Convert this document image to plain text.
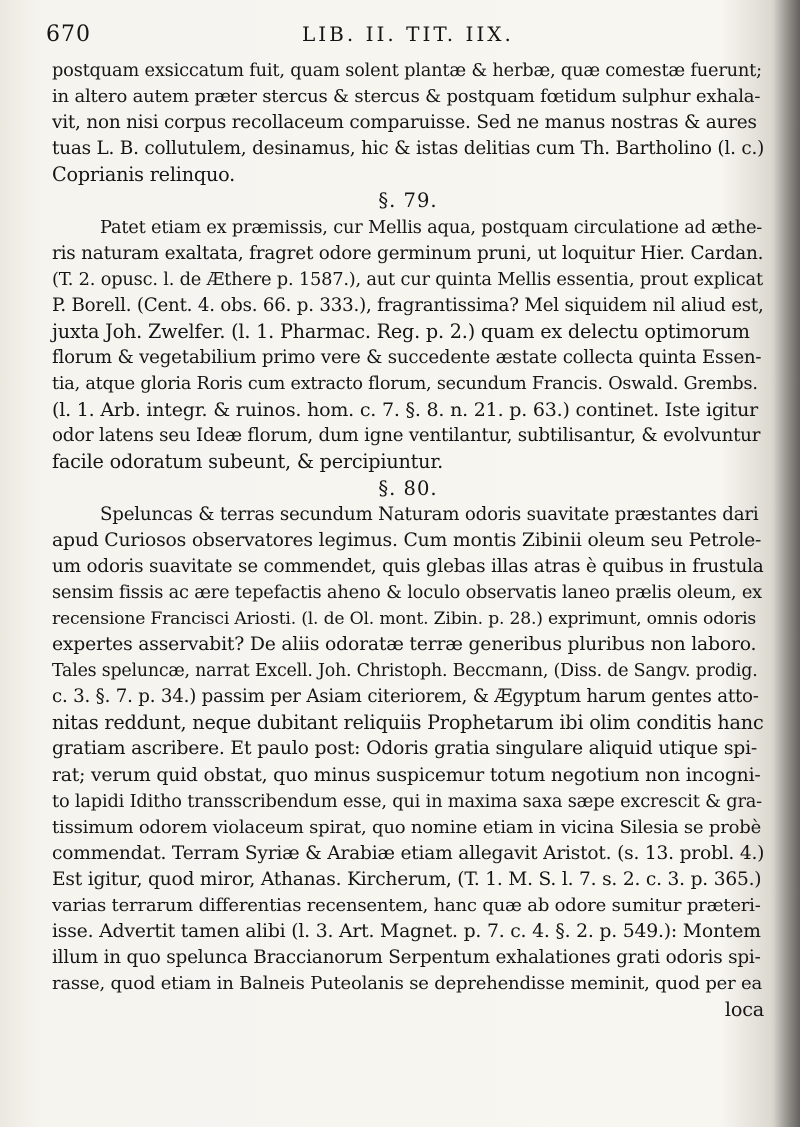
670	LIB. II. TIT. IIX.
postquam exsiccatum fuit, quam solent plantæ & herbæ, quæ comestæ fuerunt;
in altero autem præter stercus & stercus & postquam fœtidum sulphur exhala-
vit, non nisi corpus recollaceum comparuisse. Sed ne manus nostras & aures
tuas L. B. collutulem, desinamus, hic & istas delitias cum Th. Bartholino (l. c.)
Coprianis relinquo.
§. 79.
Patet etiam ex præmissis, cur Mellis aqua, postquam circulatione ad æthe-
ris naturam exaltata, fragret odore germinum pruni, ut loquitur Hier. Cardan.
(T. 2. opusc. l. de Æthere p. 1587.), aut cur quinta Mellis essentia, prout explicat
P. Borell. (Cent. 4. obs. 66. p. 333.), fragrantissima? Mel siquidem nil aliud est,
juxta Joh. Zwelfer. (l. 1. Pharmac. Reg. p. 2.) quam ex delectu optimorum
florum & vegetabilium primo vere & succedente æstate collecta quinta Essen-
tia, atque gloria Roris cum extracto florum, secundum Francis. Oswald. Grembs.
(l. 1. Arb. integr. & ruinos. hom. c. 7. §. 8. n. 21. p. 63.) continet. Iste igitur
odor latens seu Ideæ florum, dum igne ventilantur, subtilisantur, & evolvuntur
facile odoratum subeunt, & percipiuntur.
§. 80.
Speluncas & terras secundum Naturam odoris suavitate præstantes dari
apud Curiosos observatores legimus. Cum montis Zibinii oleum seu Petrole-
um odoris suavitate se commendet, quis glebas illas atras è quibus in frustula
sensim fissis ac ære tepefactis aheno & loculo observatis laneo prælis oleum, ex
recensione Francisci Ariosti. (l. de Ol. mont. Zibin. p. 28.) exprimunt, omnis odoris
expertes asservabit? De aliis odoratæ terræ generibus pluribus non laboro.
Tales speluncæ, narrat Excell. Joh. Christoph. Beccmann, (Diss. de Sangv. prodig.
c. 3. §. 7. p. 34.) passim per Asiam citeriorem, & Ægyptum harum gentes atto-
nitas reddunt, neque dubitant reliquiis Prophetarum ibi olim conditis hanc
gratiam ascribere. Et paulo post: Odoris gratia singulare aliquid utique spi-
rat; verum quid obstat, quo minus suspicemur totum negotium non incogni-
to lapidi Iditho transscribendum esse, qui in maxima saxa sæpe excrescit & gra-
tissimum odorem violaceum spirat, quo nomine etiam in vicina Silesia se probè
commendat. Terram Syriæ & Arabiæ etiam allegavit Aristot. (s. 13. probl. 4.)
Est igitur, quod miror, Athanas. Kircherum, (T. 1. M. S. l. 7. s. 2. c. 3. p. 365.)
varias terrarum differentias recensentem, hanc quæ ab odore sumitur præteri-
isse. Advertit tamen alibi (l. 3. Art. Magnet. p. 7. c. 4. §. 2. p. 549.): Montem
illum in quo spelunca Braccianorum Serpentum exhalationes grati odoris spi-
rasse, quod etiam in Balneis Puteolanis se deprehendisse meminit, quod per ea
loca
